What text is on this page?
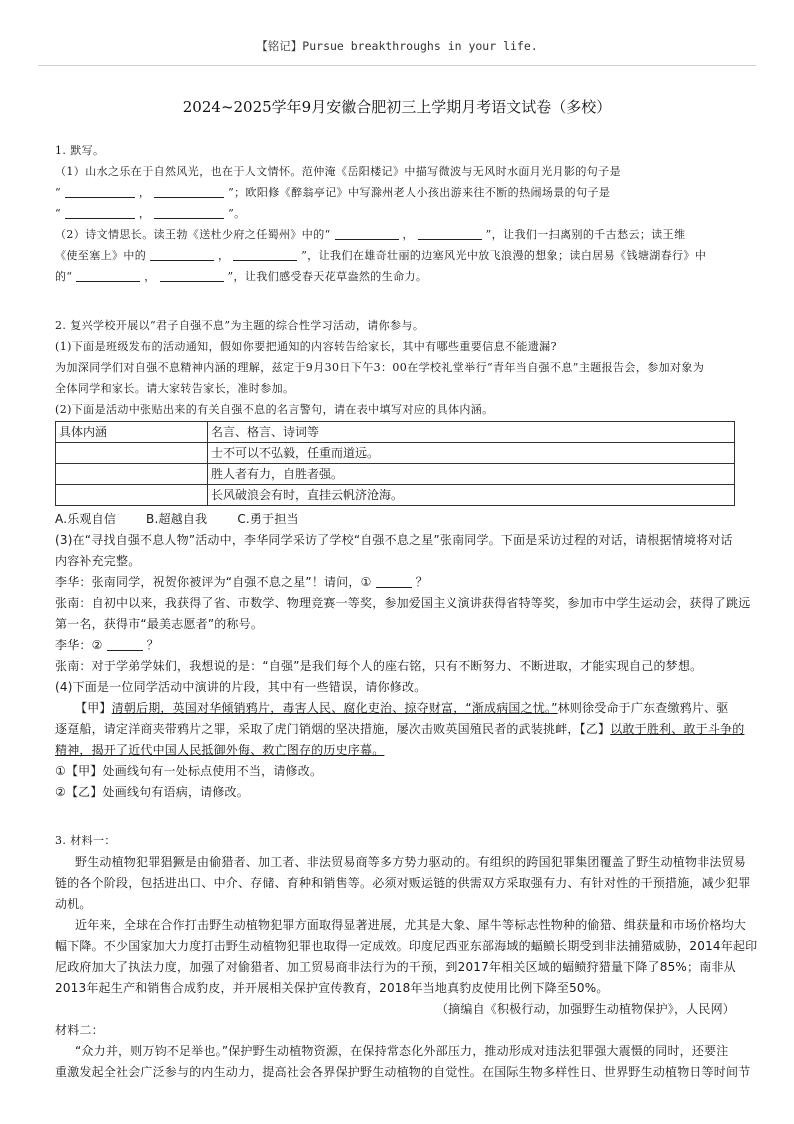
【铭记】Pursue breakthroughs in your life.
2024~2025学年9月安徽合肥初三上学期月考语文试卷（多校）
1. 默写。
（1）山水之乐在于自然风光，也在于人文情怀。范仲淹《岳阳楼记》中描写微波与无风时水面月光月影的句子是
“	，	”；欧阳修《醉翁亭记》中写滁州老人小孩出游来往不断的热闹场景的句子是
“	，	”。
（2）诗文情思长。读王勃《送杜少府之任蜀州》中的“	，	”，让我们一扫离别的千古愁云；读王维
《使至塞上》中的	，	”，让我们在雄奇壮丽的边塞风光中放飞浪漫的想象；读白居易《钱塘湖春行》中
的“	，	”，让我们感受春天花草盎然的生命力。
2. 复兴学校开展以“君子自强不息”为主题的综合性学习活动，请你参与。
(1)下面是班级发布的活动通知，假如你要把通知的内容转告给家长，其中有哪些重要信息不能遗漏?
为加深同学们对自强不息精神内涵的理解，兹定于9月30日下午3：00在学校礼堂举行“青年当自强不息”主题报告会，参加对象为
全体同学和家长。请大家转告家长，准时参加。
(2)下面是活动中张贴出来的有关自强不息的名言警句，请在表中填写对应的具体内涵。
具体内涵	名言、格言、诗词等
	士不可以不弘毅，任重而道远。
	胜人者有力，自胜者强。
	长风破浪会有时，直挂云帆济沧海。
A.乐观自信	B.超越自我	C.勇于担当
(3)在“寻找自强不息人物”活动中，李华同学采访了学校“自强不息之星”张南同学。下面是采访过程的对话，请根据情境将对话
内容补充完整。
李华：张南同学，祝贺你被评为“自强不息之星”！请问，①	？
张南：自初中以来，我获得了省、市数学、物理竞赛一等奖，参加爱国主义演讲获得省特等奖，参加市中学生运动会，获得了跳远
第一名，获得市“最美志愿者”的称号。
李华：②	？
张南：对于学弟学妹们，我想说的是：“自强”是我们每个人的座右铭，只有不断努力、不断进取，才能实现自己的梦想。
(4)下面是一位同学活动中演讲的片段，其中有一些错误，请你修改。
【甲】清朝后期，英国对华倾销鸦片，毒害人民、腐化吏治、掠夺财富，“渐成病国之忧。”林则徐受命于广东查缴鸦片、驱
逐趸船，请定洋商夹带鸦片之罪，采取了虎门销烟的坚决措施，屡次击败英国殖民者的武装挑衅，【乙】以敢于胜利、敢于斗争的
精神，揭开了近代中国人民抵御外侮、救亡图存的历史序幕。
①【甲】处画线句有一处标点使用不当，请修改。
②【乙】处画线句有语病，请修改。
3. 材料一：
野生动植物犯罪猖獗是由偷猎者、加工者、非法贸易商等多方势力驱动的。有组织的跨国犯罪集团覆盖了野生动植物非法贸易
链的各个阶段，包括进出口、中介、存储、育种和销售等。必须对贩运链的供需双方采取强有力、有针对性的干预措施，减少犯罪
动机。
近年来，全球在合作打击野生动植物犯罪方面取得显著进展，尤其是大象、犀牛等标志性物种的偷猎、缉获量和市场价格均大
幅下降。不少国家加大力度打击野生动植物犯罪也取得一定成效。印度尼西亚东部海域的蝠鲼长期受到非法捕猎威胁，2014年起印
尼政府加大了执法力度，加强了对偷猎者、加工贸易商非法行为的干预，到2017年相关区域的蝠鲼狩猎量下降了85%；南非从
2013年起生产和销售合成豹皮，并开展相关保护宣传教育，2018年当地真豹皮使用比例下降至50%。
（摘编自《积极行动，加强野生动植物保护》，人民网）
材料二：
“众力并，则万钧不足举也。”保护野生动植物资源，在保持常态化外部压力，推动形成对违法犯罪强大震慑的同时，还要注
重激发起全社会广泛参与的内生动力，提高社会各界保护野生动植物的自觉性。在国际生物多样性日、世界野生动植物日等时间节
